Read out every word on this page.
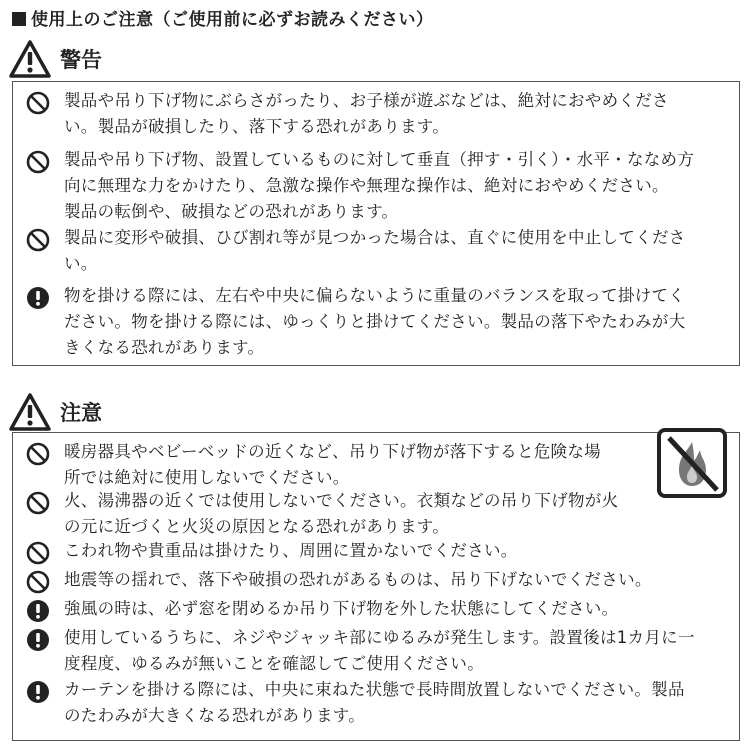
使用上のご注意（ご使用前に必ずお読みください）
警告
製品や吊り下げ物にぶらさがったり、お子様が遊ぶなどは、絶対におやめくださ
い。製品が破損したり、落下する恐れがあります。
製品や吊り下げ物、設置しているものに対して垂直（押す・引く）・水平・ななめ方
向に無理な力をかけたり、急激な操作や無理な操作は、絶対におやめください。
製品の転倒や、破損などの恐れがあります。
製品に変形や破損、ひび割れ等が見つかった場合は、直ぐに使用を中止してくださ
い。
物を掛ける際には、左右や中央に偏らないように重量のバランスを取って掛けてく
ださい。物を掛ける際には、ゆっくりと掛けてください。製品の落下やたわみが大
きくなる恐れがあります。
注意
暖房器具やベビーベッドの近くなど、吊り下げ物が落下すると危険な場
所では絶対に使用しないでください。
火、湯沸器の近くでは使用しないでください。衣類などの吊り下げ物が火
の元に近づくと火災の原因となる恐れがあります。
こわれ物や貴重品は掛けたり、周囲に置かないでください。
地震等の揺れで、落下や破損の恐れがあるものは、吊り下げないでください。
強風の時は、必ず窓を閉めるか吊り下げ物を外した状態にしてください。
使用しているうちに、ネジやジャッキ部にゆるみが発生します。設置後は1カ月に一
度程度、ゆるみが無いことを確認してご使用ください。
カーテンを掛ける際には、中央に束ねた状態で長時間放置しないでください。製品
のたわみが大きくなる恐れがあります。
